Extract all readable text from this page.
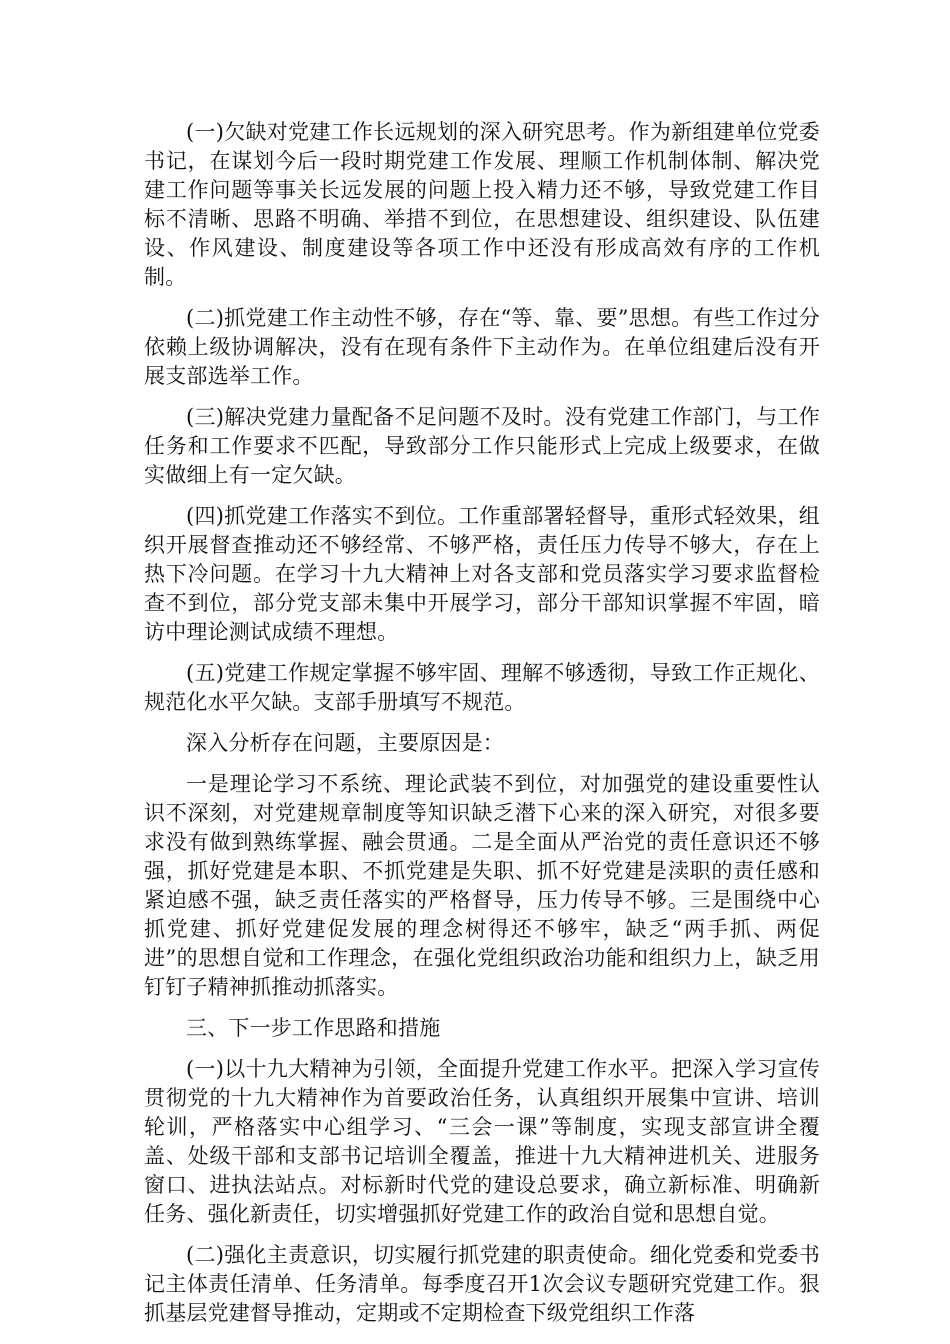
(一)欠缺对党建工作长远规划的深入研究思考。作为新组建单位党委书记，在谋划今后一段时期党建工作发展、理顺工作机制体制、解决党建工作问题等事关长远发展的问题上投入精力还不够，导致党建工作目标不清晰、思路不明确、举措不到位，在思想建设、组织建设、队伍建设、作风建设、制度建设等各项工作中还没有形成高效有序的工作机制。

(二)抓党建工作主动性不够，存在“等、靠、要”思想。有些工作过分依赖上级协调解决，没有在现有条件下主动作为。在单位组建后没有开展支部选举工作。

(三)解决党建力量配备不足问题不及时。没有党建工作部门，与工作任务和工作要求不匹配，导致部分工作只能形式上完成上级要求，在做实做细上有一定欠缺。

(四)抓党建工作落实不到位。工作重部署轻督导，重形式轻效果，组织开展督查推动还不够经常、不够严格，责任压力传导不够大，存在上热下冷问题。在学习十九大精神上对各支部和党员落实学习要求监督检查不到位，部分党支部未集中开展学习，部分干部知识掌握不牢固，暗访中理论测试成绩不理想。

(五)党建工作规定掌握不够牢固、理解不够透彻，导致工作正规化、规范化水平欠缺。支部手册填写不规范。

深入分析存在问题，主要原因是：

一是理论学习不系统、理论武装不到位，对加强党的建设重要性认识不深刻，对党建规章制度等知识缺乏潜下心来的深入研究，对很多要求没有做到熟练掌握、融会贯通。二是全面从严治党的责任意识还不够强，抓好党建是本职、不抓党建是失职、抓不好党建是渎职的责任感和紧迫感不强，缺乏责任落实的严格督导，压力传导不够。三是围绕中心抓党建、抓好党建促发展的理念树得还不够牢，缺乏“两手抓、两促进”的思想自觉和工作理念，在强化党组织政治功能和组织力上，缺乏用钉钉子精神抓推动抓落实。

三、下一步工作思路和措施

(一)以十九大精神为引领，全面提升党建工作水平。把深入学习宣传贯彻党的十九大精神作为首要政治任务，认真组织开展集中宣讲、培训轮训，严格落实中心组学习、“三会一课”等制度，实现支部宣讲全覆盖、处级干部和支部书记培训全覆盖，推进十九大精神进机关、进服务窗口、进执法站点。对标新时代党的建设总要求，确立新标准、明确新任务、强化新责任，切实增强抓好党建工作的政治自觉和思想自觉。

(二)强化主责意识，切实履行抓党建的职责使命。细化党委和党委书记主体责任清单、任务清单。每季度召开1次会议专题研究党建工作。狠抓基层党建督导推动，定期或不定期检查下级党组织工作落
